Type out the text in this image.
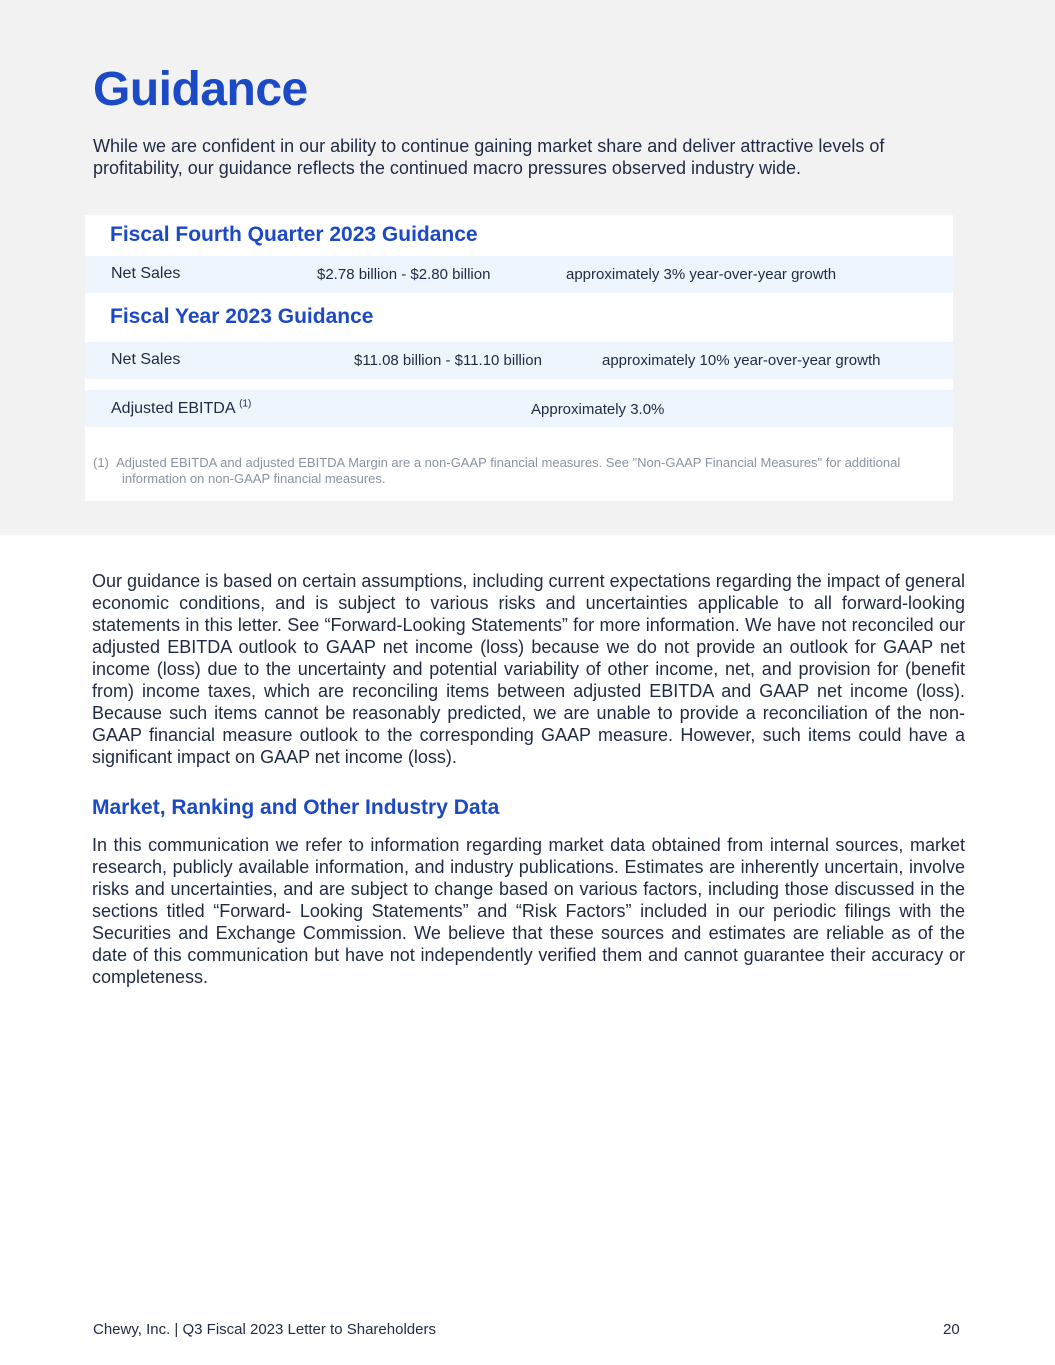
Guidance

While we are confident in our ability to continue gaining market share and deliver attractive levels of profitability, our guidance reflects the continued macro pressures observed industry wide.

Fiscal Fourth Quarter 2023 Guidance
Net Sales	$2.78 billion - $2.80 billion	approximately 3% year-over-year growth
Fiscal Year 2023 Guidance
Net Sales	$11.08 billion - $11.10 billion	approximately 10% year-over-year growth
Adjusted EBITDA $^{(1)}$	Approximately 3.0%
(1) Adjusted EBITDA and adjusted EBITDA Margin are a non-GAAP financial measures. See "Non-GAAP Financial Measures" for additional
information on non-GAAP financial measures.

Our guidance is based on certain assumptions, including current expectations regarding the impact of general economic conditions, and is subject to various risks and uncertainties applicable to all forward-looking statements in this letter. See “Forward-Looking Statements” for more information. We have not reconciled our adjusted EBITDA outlook to GAAP net income (loss) because we do not provide an outlook for GAAP net income (loss) due to the uncertainty and potential variability of other income, net, and provision for (benefit from) income taxes, which are reconciling items between adjusted EBITDA and GAAP net income (loss). Because such items cannot be reasonably predicted, we are unable to provide a reconciliation of the non-GAAP financial measure outlook to the corresponding GAAP measure. However, such items could have a significant impact on GAAP net income (loss).

Market, Ranking and Other Industry Data

In this communication we refer to information regarding market data obtained from internal sources, market research, publicly available information, and industry publications. Estimates are inherently uncertain, involve risks and uncertainties, and are subject to change based on various factors, including those discussed in the sections titled “Forward- Looking Statements” and “Risk Factors” included in our periodic filings with the Securities and Exchange Commission. We believe that these sources and estimates are reliable as of the date of this communication but have not independently verified them and cannot guarantee their accuracy or completeness.

Chewy, Inc. | Q3 Fiscal 2023 Letter to Shareholders	20
